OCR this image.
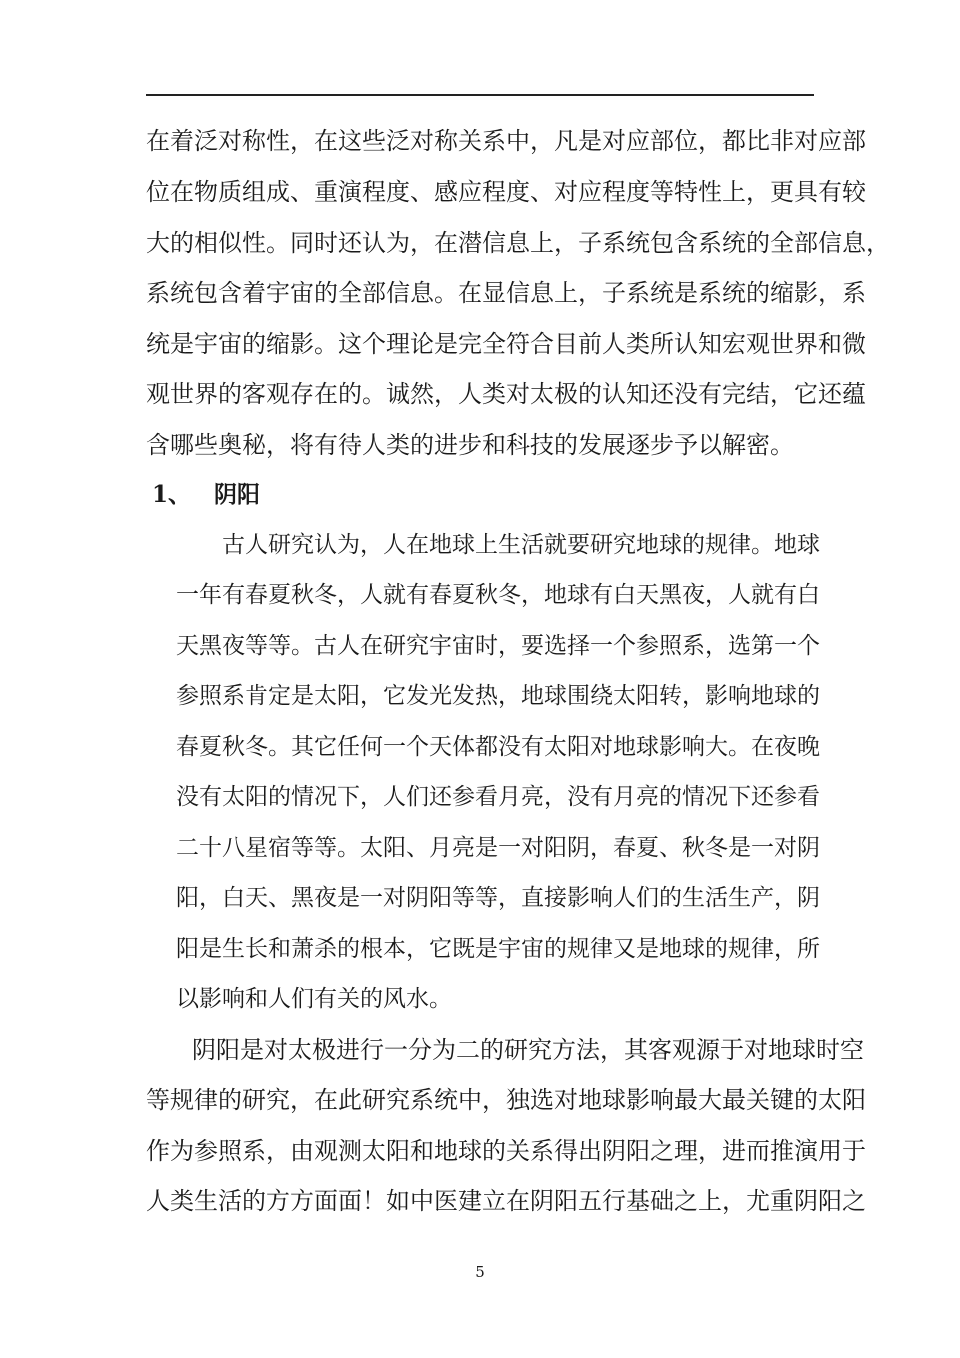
在着泛对称性，在这些泛对称关系中，凡是对应部位，都比非对应部
位在物质组成、重演程度、感应程度、对应程度等特性上，更具有较
大的相似性。同时还认为，在潜信息上，子系统包含系统的全部信息，
系统包含着宇宙的全部信息。在显信息上，子系统是系统的缩影，系
统是宇宙的缩影。这个理论是完全符合目前人类所认知宏观世界和微
观世界的客观存在的。诚然，人类对太极的认知还没有完结，它还蕴
含哪些奥秘，将有待人类的进步和科技的发展逐步予以解密。
1、 阴阳
古人研究认为，人在地球上生活就要研究地球的规律。地球
一年有春夏秋冬，人就有春夏秋冬，地球有白天黑夜，人就有白
天黑夜等等。古人在研究宇宙时，要选择一个参照系，选第一个
参照系肯定是太阳，它发光发热，地球围绕太阳转，影响地球的
春夏秋冬。其它任何一个天体都没有太阳对地球影响大。在夜晚
没有太阳的情况下，人们还参看月亮，没有月亮的情况下还参看
二十八星宿等等。太阳、月亮是一对阳阴，春夏、秋冬是一对阴
阳，白天、黑夜是一对阴阳等等，直接影响人们的生活生产，阴
阳是生长和萧杀的根本，它既是宇宙的规律又是地球的规律，所
以影响和人们有关的风水。
阴阳是对太极进行一分为二的研究方法，其客观源于对地球时空
等规律的研究，在此研究系统中，独选对地球影响最大最关键的太阳
作为参照系，由观测太阳和地球的关系得出阴阳之理，进而推演用于
人类生活的方方面面！如中医建立在阴阳五行基础之上，尤重阴阳之
5
